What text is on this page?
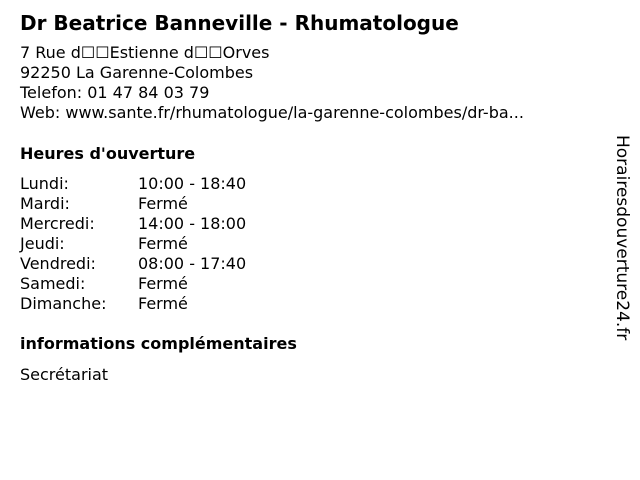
Dr Beatrice Banneville - Rhumatologue
7 Rue d☐☐Estienne d☐☐Orves
92250 La Garenne-Colombes
Telefon: 01 47 84 03 79
Web: www.sante.fr/rhumatologue/la-garenne-colombes/dr-ba...
Heures d'ouverture
Lundi:	10:00 - 18:40
Mardi:	Fermé
Mercredi:	14:00 - 18:00
Jeudi:	Fermé
Vendredi:	08:00 - 17:40
Samedi:	Fermé
Dimanche: Fermé
informations complémentaires
Secrétariat
Horairesdouverture24.fr
